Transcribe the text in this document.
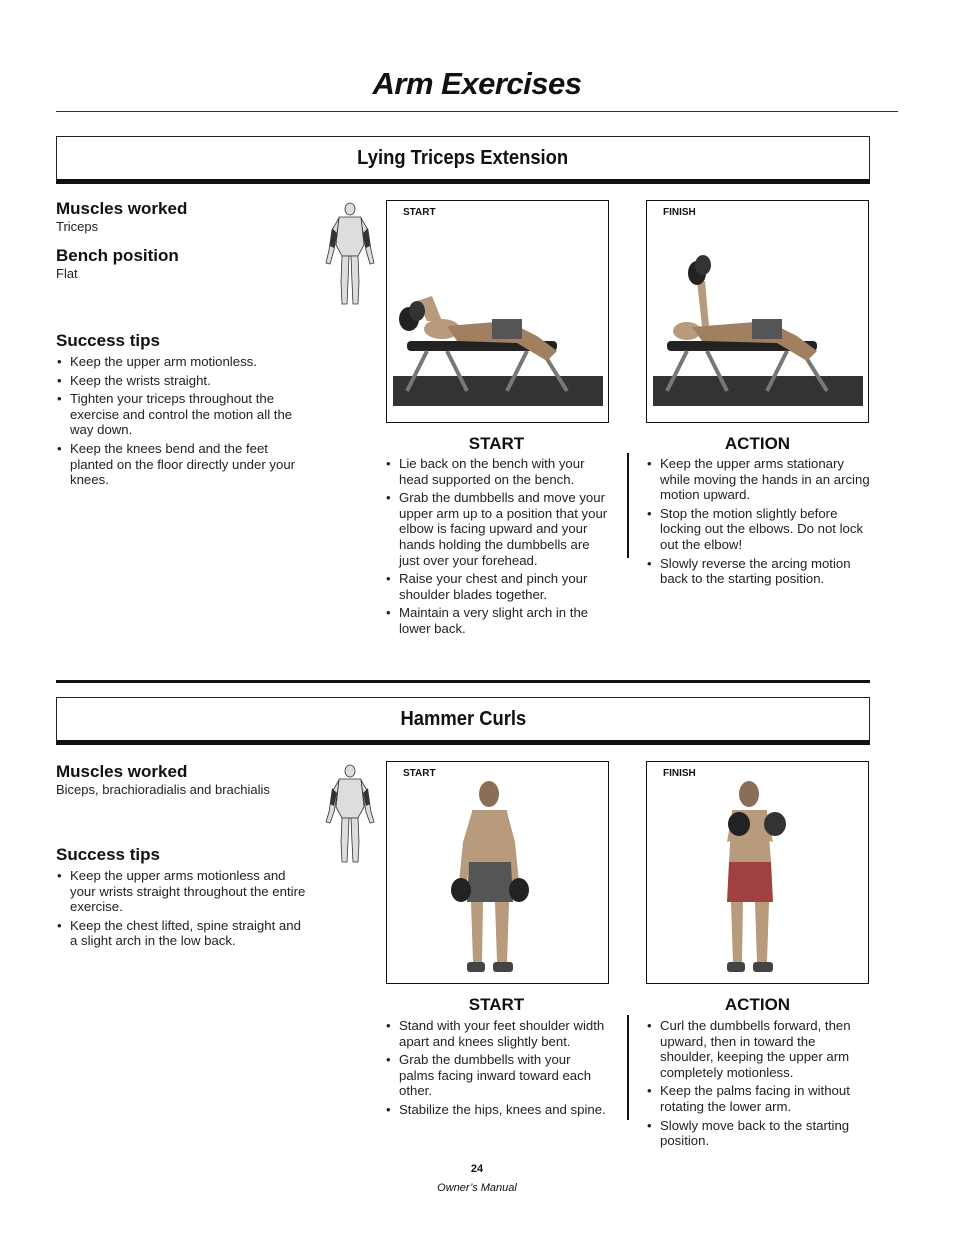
Arm Exercises
Lying Triceps Extension
Muscles worked
Triceps
Bench position
Flat
Success tips
• Keep the upper arm motionless.
• Keep the wrists straight.
• Tighten your triceps throughout the exercise and control the motion all the way down.
• Keep the knees bend and the feet planted on the floor directly under your knees.
START	FINISH
START
• Lie back on the bench with your head supported on the bench.
• Grab the dumbbells and move your upper arm up to a position that your elbow is facing upward and your hands holding the dumbbells are just over your forehead.
• Raise your chest and pinch your shoulder blades together.
• Maintain a very slight arch in the lower back.
ACTION
• Keep the upper arms stationary while moving the hands in an arcing motion upward.
• Stop the motion slightly before locking out the elbows. Do not lock out the elbow!
• Slowly reverse the arcing motion back to the starting position.
Hammer Curls
Muscles worked
Biceps, brachioradialis and brachialis
Success tips
• Keep the upper arms motionless and your wrists straight throughout the entire exercise.
• Keep the chest lifted, spine straight and a slight arch in the low back.
START	FINISH
START
• Stand with your feet shoulder width apart and knees slightly bent.
• Grab the dumbbells with your palms facing inward toward each other.
• Stabilize the hips, knees and spine.
ACTION
• Curl the dumbbells forward, then upward, then in toward the shoulder, keeping the upper arm completely motionless.
• Keep the palms facing in without rotating the lower arm.
• Slowly move back to the starting position.
24
Owner’s Manual
